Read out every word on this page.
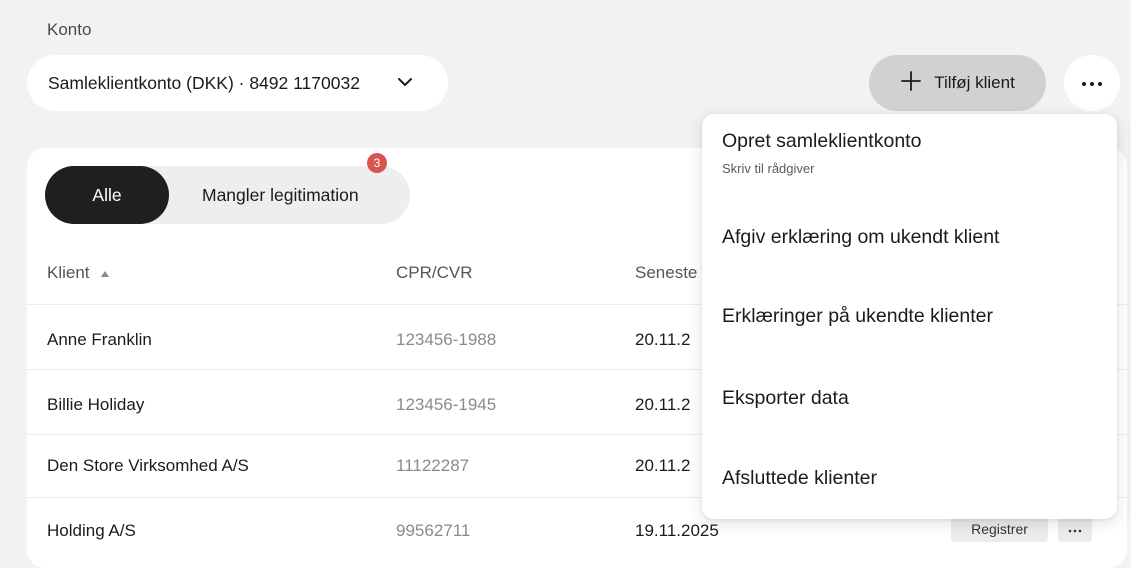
Konto
Samleklientkonto (DKK) · 8492 1170032	Tilføj klient
Alle	Mangler legitimation
3
Klient	CPR/CVR	Seneste
Anne Franklin	123456-1988	20.11.2
Billie Holiday	123456-1945	20.11.2
Den Store Virksomhed A/S	11122287	20.11.2
Holding A/S	99562711	19.11.2025	Registrer
Opret samleklientkonto
Skriv til rådgiver
Afgiv erklæring om ukendt klient
Erklæringer på ukendte klienter
Eksporter data
Afsluttede klienter
